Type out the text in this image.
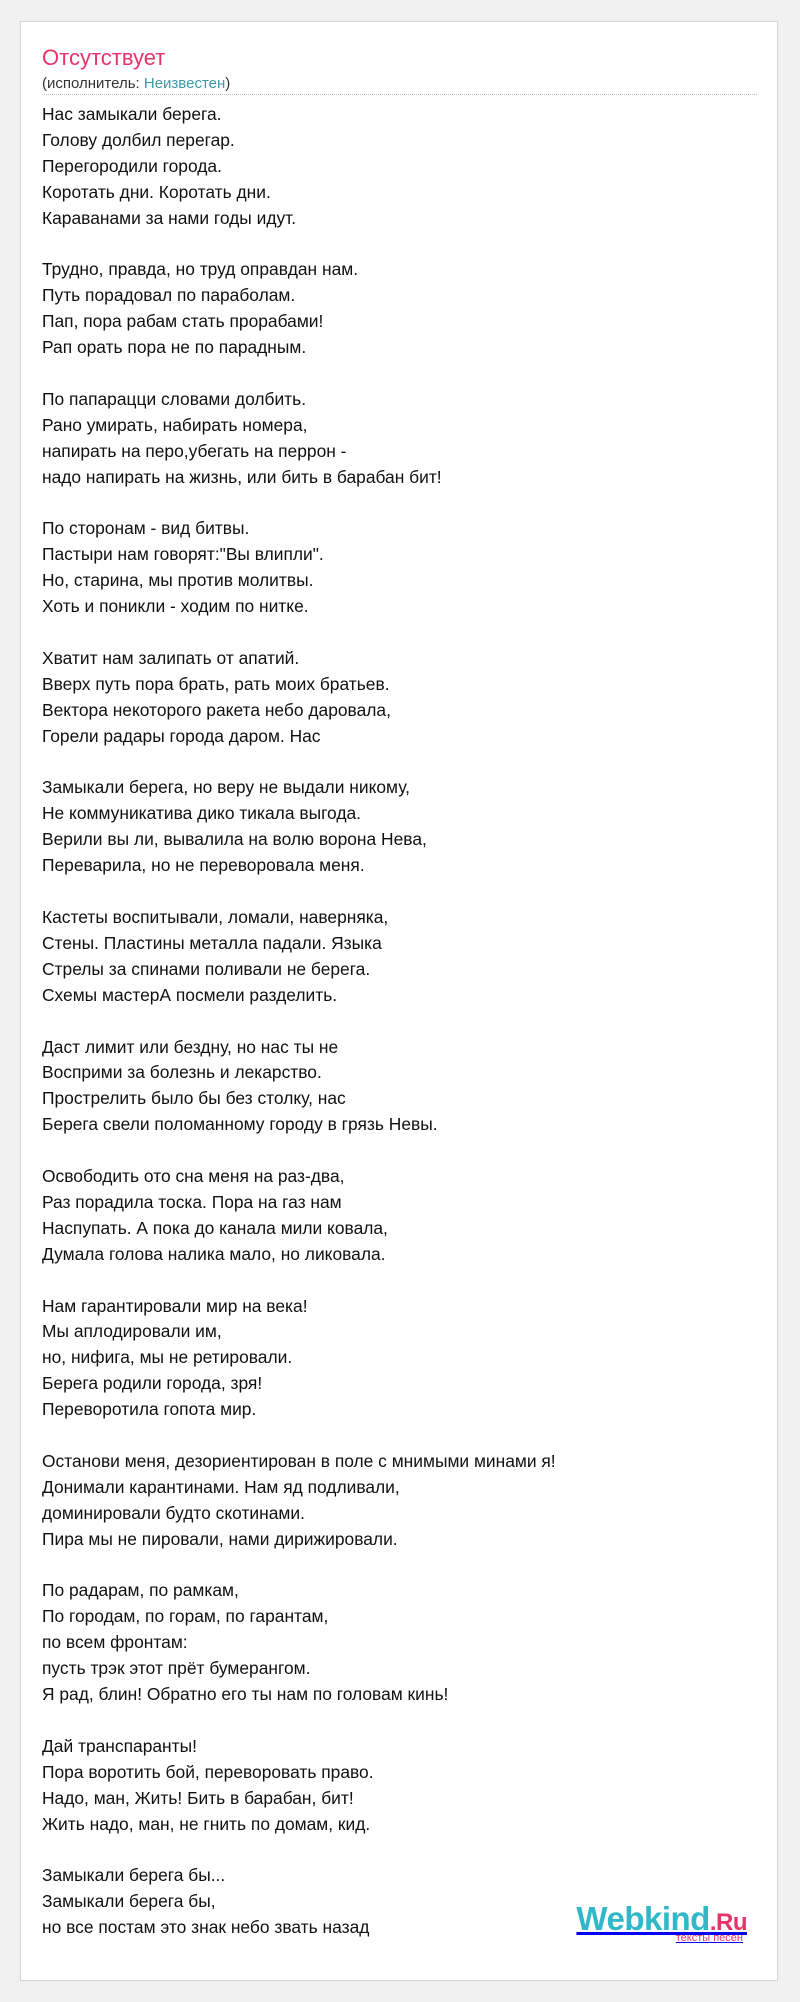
Отсутствует
(исполнитель: Неизвестен)
Нас замыкали берега.
Голову долбил перегар.
Перегородили города.
Коротать дни. Коротать дни.
Караванами за нами годы идут.
Трудно, правда, но труд оправдан нам.
Путь порадовал по параболам.
Пап, пора рабам стать прорабами!
Рап орать пора не по парадным.
По папарацци словами долбить.
Рано умирать, набирать номера,
напирать на перо,убегать на перрон -
надо напирать на жизнь, или бить в барабан бит!
По сторонам - вид битвы.
Пастыри нам говорят:"Вы влипли".
Но, старина, мы против молитвы.
Хоть и поникли - ходим по нитке.
Хватит нам залипать от апатий.
Вверх путь пора брать, рать моих братьев.
Вектора некоторого ракета небо даровала,
Горели радары города даром. Нас
Замыкали берега, но веру не выдали никому,
Не коммуникатива дико тикала выгода.
Верили вы ли, вывалила на волю ворона Нева,
Переварила, но не переворовала меня.
Кастеты воспитывали, ломали, наверняка,
Стены. Пластины металла падали. Языка
Стрелы за спинами поливали не берега.
Схемы мастерА посмели разделить.
Даст лимит или бездну, но нас ты не
Восприми за болезнь и лекарство.
Прострелить было бы без столку, нас
Берега свели поломанному городу в грязь Невы.
Освободить ото сна меня на раз-два,
Раз порадила тоска. Пора на газ нам
Наспупать. А пока до канала мили ковала,
Думала голова налика мало, но ликовала.
Нам гарантировали мир на века!
Мы аплодировали им,
но, нифига, мы не ретировали.
Берега родили города, зря!
Переворотила гопота мир.
Останови меня, дезориентирован в поле с мнимыми минами я!
Донимали карантинами. Нам яд подливали,
доминировали будто скотинами.
Пира мы не пировали, нами дирижировали.
По радарам, по рамкам,
По городам, по горам, по гарантам,
по всем фронтам:
пусть трэк этот прёт бумерангом.
Я рад, блин! Обратно его ты нам по головам кинь!
Дай транспаранты!
Пора воротить бой, переворовать право.
Надо, ман, Жить! Бить в барабан, бит!
Жить надо, ман, не гнить по домам, кид.
Замыкали берега бы...
Замыкали берега бы,
но все постам это знак небо звать назад	Webkind.Ru
тексты песен
